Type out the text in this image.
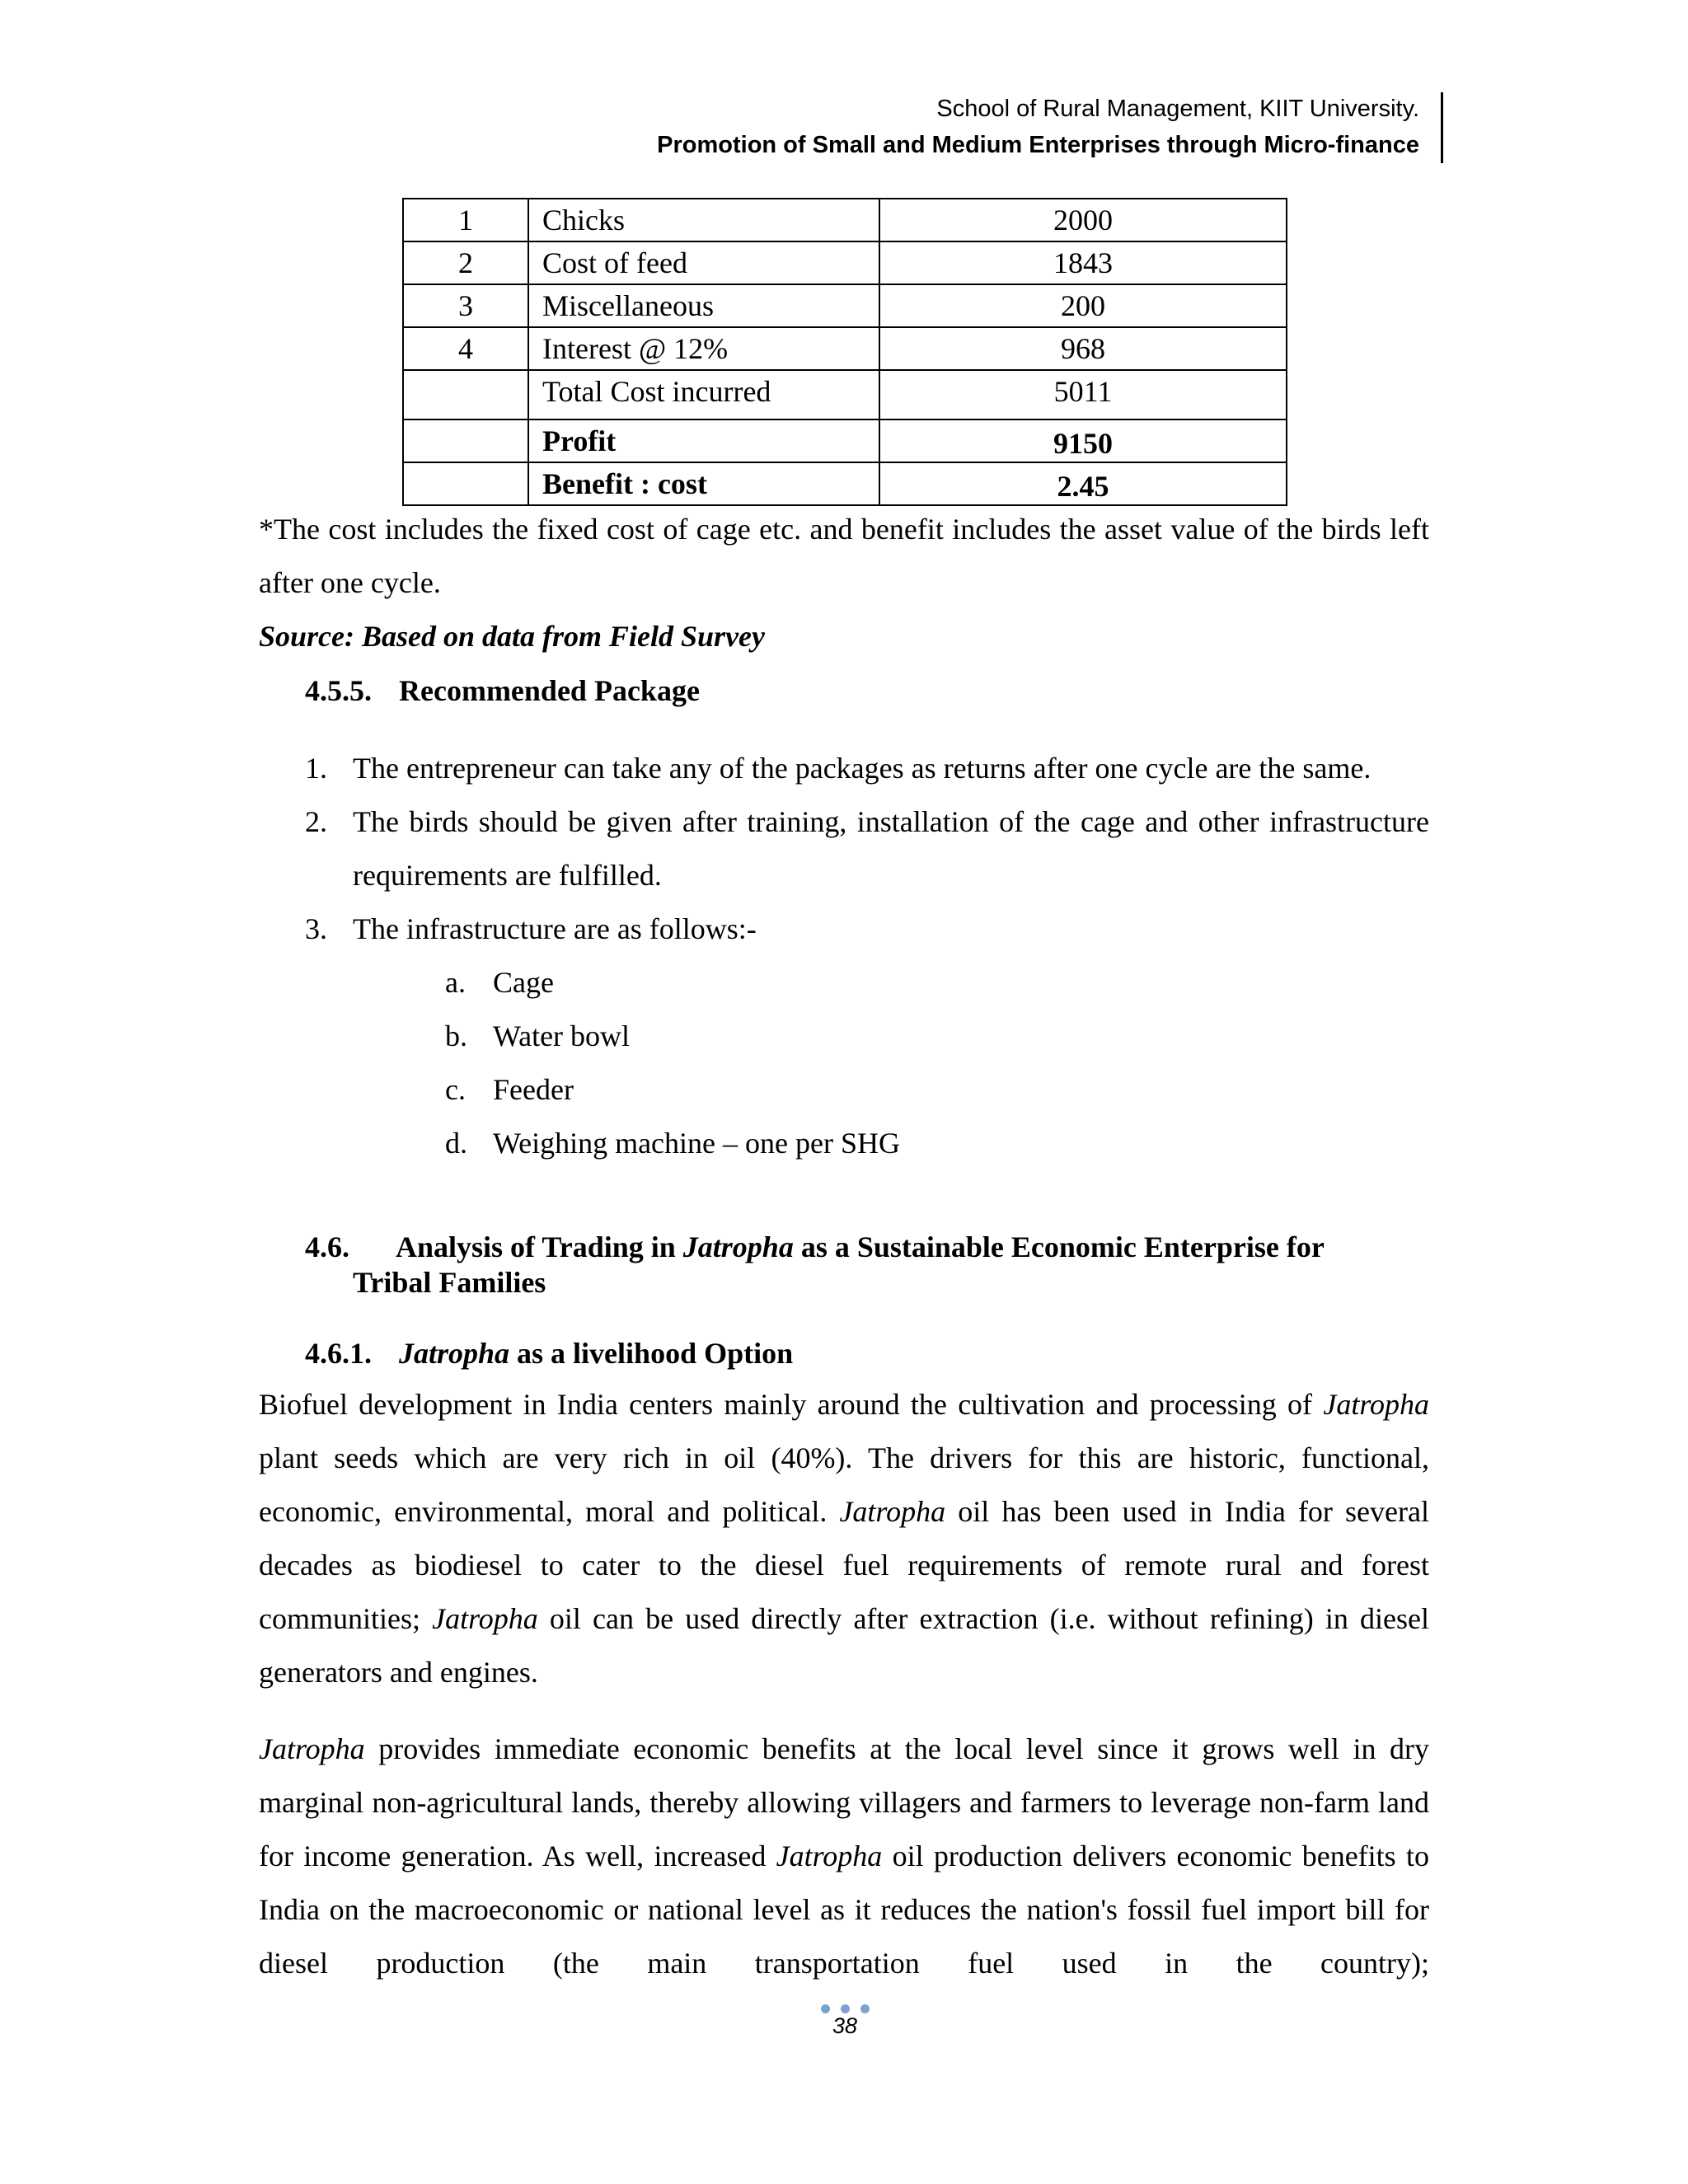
School of Rural Management, KIIT University.
Promotion of Small and Medium Enterprises through Micro-finance
1	Chicks	2000
2	Cost of feed	1843
3	Miscellaneous	200
4	Interest @ 12%	968
	Total Cost incurred	5011
	Profit	9150
	Benefit : cost	2.45
*The cost includes the fixed cost of cage etc. and benefit includes the asset value of the birds left after one cycle.
Source: Based on data from Field Survey
4.5.5. Recommended Package
1. The entrepreneur can take any of the packages as returns after one cycle are the same.
2. The birds should be given after training, installation of the cage and other infrastructure requirements are fulfilled.
3. The infrastructure are as follows:-
a. Cage
b. Water bowl
c. Feeder
d. Weighing machine – one per SHG
4.6. Analysis of Trading in Jatropha as a Sustainable Economic Enterprise for
Tribal Families
4.6.1. Jatropha as a livelihood Option
Biofuel development in India centers mainly around the cultivation and processing of Jatropha plant seeds which are very rich in oil (40%). The drivers for this are historic, functional, economic, environmental, moral and political. Jatropha oil has been used in India for several decades as biodiesel to cater to the diesel fuel requirements of remote rural and forest communities; Jatropha oil can be used directly after extraction (i.e. without refining) in diesel generators and engines.
Jatropha provides immediate economic benefits at the local level since it grows well in dry marginal non-agricultural lands, thereby allowing villagers and farmers to leverage non-farm land for income generation. As well, increased Jatropha oil production delivers economic benefits to India on the macroeconomic or national level as it reduces the nation's fossil fuel import bill for diesel production (the main transportation fuel used in the country);
38
